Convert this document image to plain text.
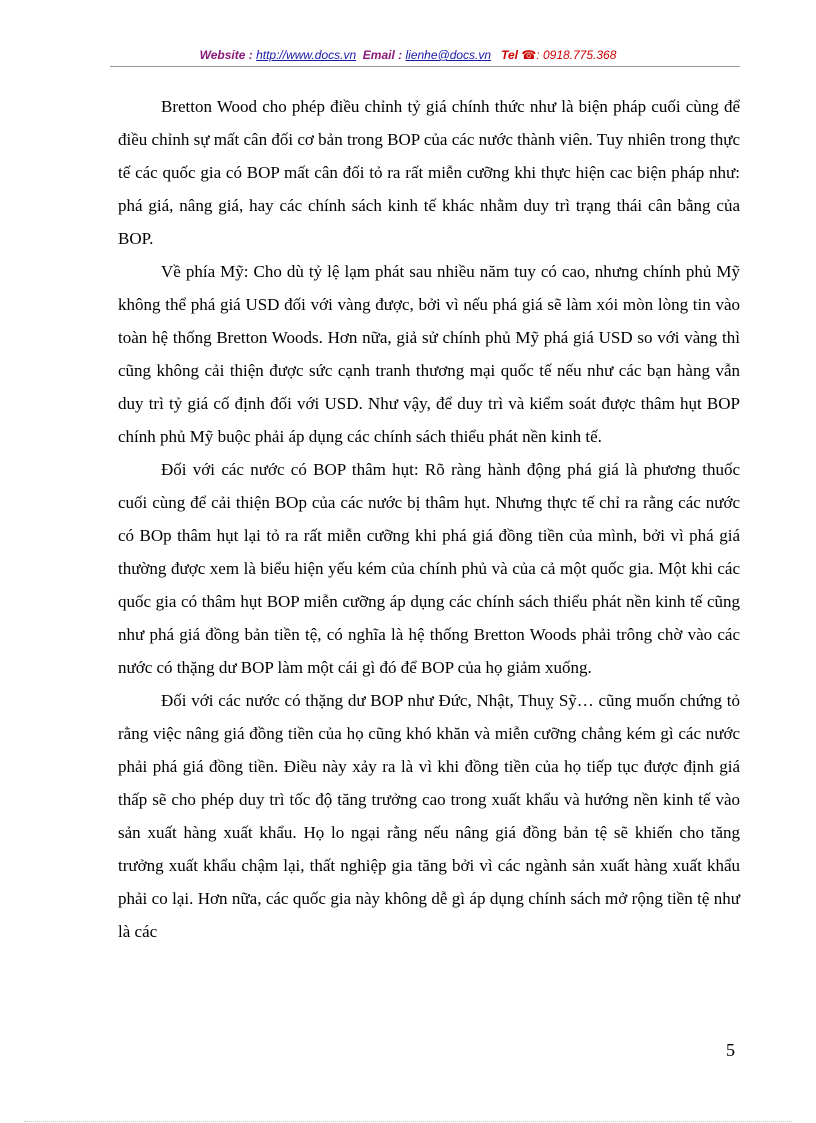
Website : http://www.docs.vn Email : lienhe@docs.vn Tel ☎: 0918.775.368

Bretton Wood cho phép điều chỉnh tỷ giá chính thức như là biện pháp cuối cùng để điều chỉnh sự mất cân đối cơ bản trong BOP của các nước thành viên. Tuy nhiên trong thực tế các quốc gia có BOP mất cân đối tỏ ra rất miễn cưỡng khi thực hiện cac biện pháp như: phá giá, nâng giá, hay các chính sách kinh tế khác nhằm duy trì trạng thái cân bằng của BOP.

Về phía Mỹ: Cho dù tỷ lệ lạm phát sau nhiều năm tuy có cao, nhưng chính phủ Mỹ không thể phá giá USD đối với vàng được, bởi vì nếu phá giá sẽ làm xói mòn lòng tin vào toàn hệ thống Bretton Woods. Hơn nữa, giả sử chính phủ Mỹ phá giá USD so với vàng thì cũng không cải thiện được sức cạnh tranh thương mại quốc tế nếu như các bạn hàng vẫn duy trì tỷ giá cố định đối với USD. Như vậy, để duy trì và kiểm soát được thâm hụt BOP chính phủ Mỹ buộc phải áp dụng các chính sách thiểu phát nền kinh tế.

Đối với các nước có BOP thâm hụt: Rõ ràng hành động phá giá là phương thuốc cuối cùng để cải thiện BOp của các nước bị thâm hụt. Nhưng thực tế chỉ ra rằng các nước có BOp thâm hụt lại tỏ ra rất miễn cưỡng khi phá giá đồng tiền của mình, bởi vì phá giá thường được xem là biểu hiện yếu kém của chính phủ và của cả một quốc gia. Một khi các quốc gia có thâm hụt BOP miễn cưỡng áp dụng các chính sách thiểu phát nền kinh tế cũng như phá giá đồng bản tiền tệ, có nghĩa là hệ thống Bretton Woods phải trông chờ vào các nước có thặng dư BOP làm một cái gì đó để BOP của họ giảm xuống.

Đối với các nước có thặng dư BOP như Đức, Nhật, Thuỵ Sỹ… cũng muốn chứng tỏ rằng việc nâng giá đồng tiền của họ cũng khó khăn và miễn cưỡng chẳng kém gì các nước phải phá giá đồng tiền. Điều này xảy ra là vì khi đồng tiền của họ tiếp tục được định giá thấp sẽ cho phép duy trì tốc độ tăng trưởng cao trong xuất khẩu và hướng nền kinh tế vào sản xuất hàng xuất khẩu. Họ lo ngại rằng nếu nâng giá đồng bản tệ sẽ khiến cho tăng trưởng xuất khẩu chậm lại, thất nghiệp gia tăng bởi vì các ngành sản xuất hàng xuất khẩu phải co lại. Hơn nữa, các quốc gia này không dễ gì áp dụng chính sách mở rộng tiền tệ như là các

5
